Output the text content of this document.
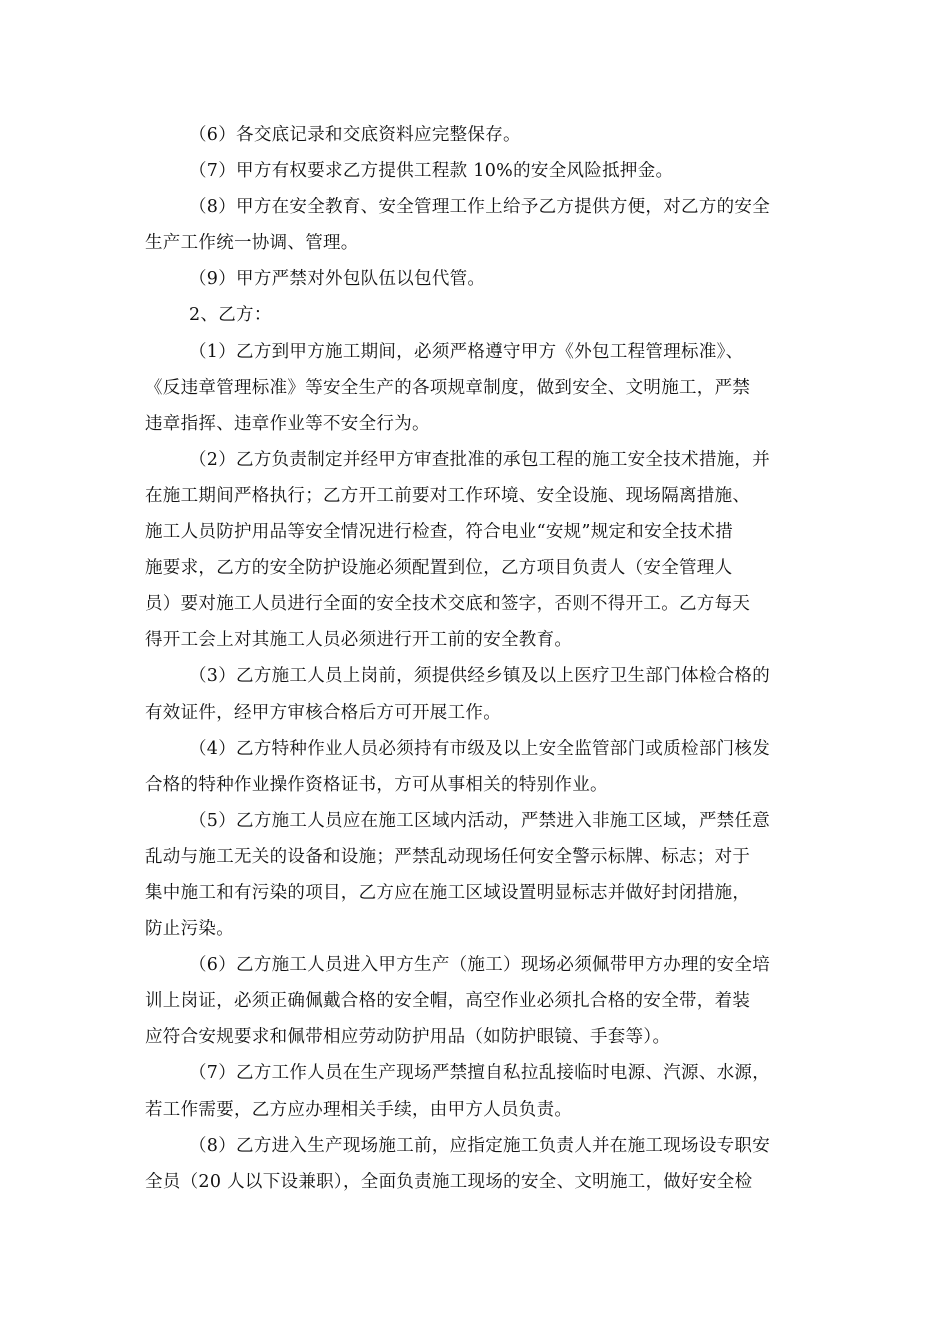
（6）各交底记录和交底资料应完整保存。
（7）甲方有权要求乙方提供工程款 10%的安全风险抵押金。
（8）甲方在安全教育、安全管理工作上给予乙方提供方便，对乙方的安全
生产工作统一协调、管理。
（9）甲方严禁对外包队伍以包代管。
2、乙方：
（1）乙方到甲方施工期间，必须严格遵守甲方《外包工程管理标准》、
《反违章管理标准》等安全生产的各项规章制度，做到安全、文明施工，严禁
违章指挥、违章作业等不安全行为。
（2）乙方负责制定并经甲方审查批准的承包工程的施工安全技术措施，并
在施工期间严格执行；乙方开工前要对工作环境、安全设施、现场隔离措施、
施工人员防护用品等安全情况进行检查，符合电业“安规”规定和安全技术措
施要求，乙方的安全防护设施必须配置到位，乙方项目负责人（安全管理人
员）要对施工人员进行全面的安全技术交底和签字，否则不得开工。乙方每天
得开工会上对其施工人员必须进行开工前的安全教育。
（3）乙方施工人员上岗前，须提供经乡镇及以上医疗卫生部门体检合格的
有效证件，经甲方审核合格后方可开展工作。
（4）乙方特种作业人员必须持有市级及以上安全监管部门或质检部门核发
合格的特种作业操作资格证书，方可从事相关的特别作业。
（5）乙方施工人员应在施工区域内活动，严禁进入非施工区域，严禁任意
乱动与施工无关的设备和设施；严禁乱动现场任何安全警示标牌、标志；对于
集中施工和有污染的项目，乙方应在施工区域设置明显标志并做好封闭措施，
防止污染。
（6）乙方施工人员进入甲方生产（施工）现场必须佩带甲方办理的安全培
训上岗证，必须正确佩戴合格的安全帽，高空作业必须扎合格的安全带，着装
应符合安规要求和佩带相应劳动防护用品（如防护眼镜、手套等）。
（7）乙方工作人员在生产现场严禁擅自私拉乱接临时电源、汽源、水源，
若工作需要，乙方应办理相关手续，由甲方人员负责。
（8）乙方进入生产现场施工前，应指定施工负责人并在施工现场设专职安
全员（20 人以下设兼职），全面负责施工现场的安全、文明施工，做好安全检
